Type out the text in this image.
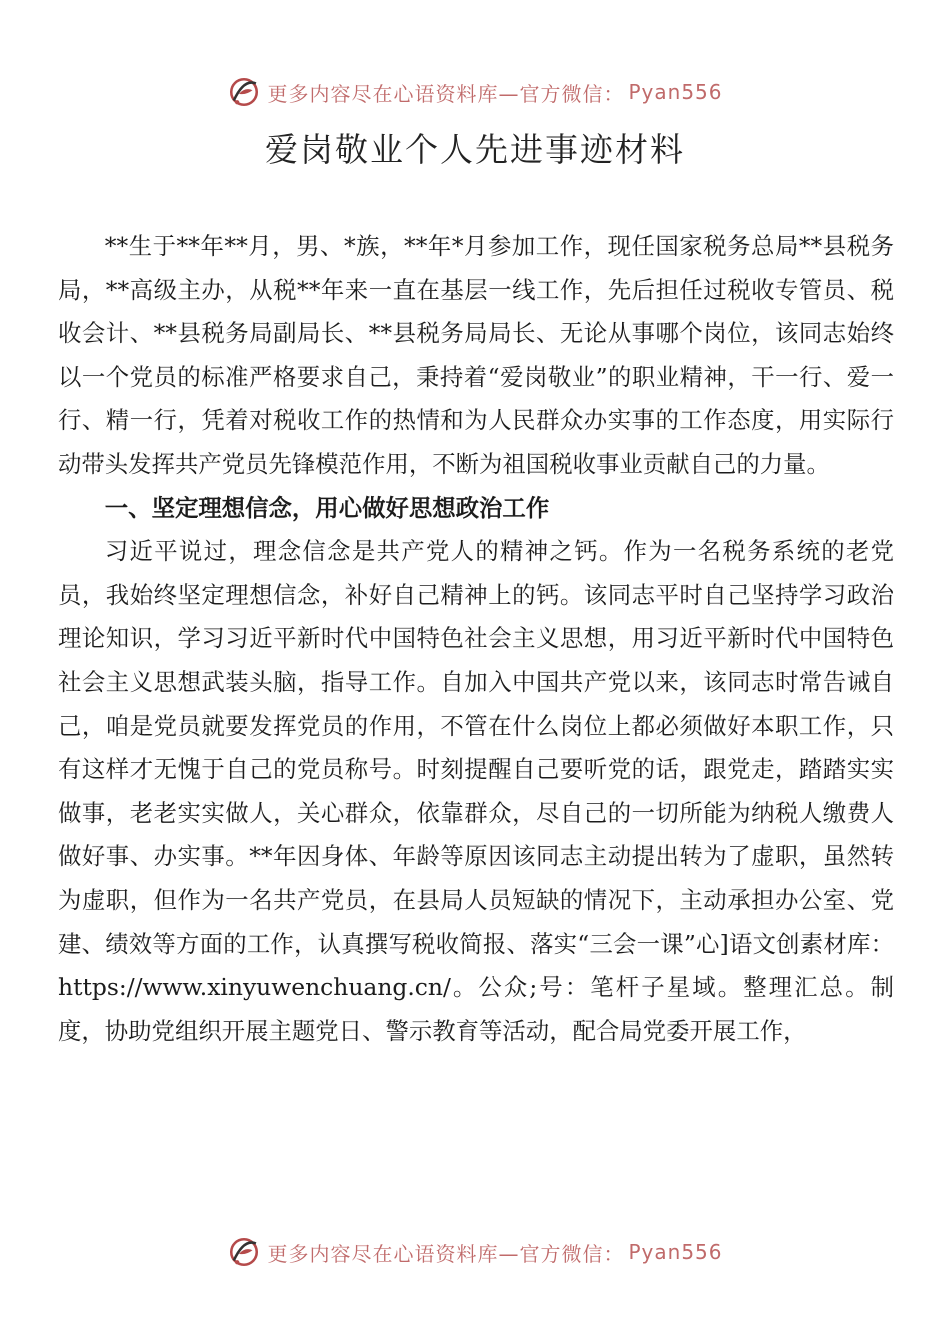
更多内容尽在心语资料库—官方微信： Pyan556
爱岗敬业个人先进事迹材料

**生于**年**月，男、*族，**年*月参加工作，现任国家税务总局**县税务局，**高级主办，从税**年来一直在基层一线工作，先后担任过税收专管员、税收会计、**县税务局副局长、**县税务局局长、无论从事哪个岗位，该同志始终以一个党员的标准严格要求自己，秉持着“爱岗敬业”的职业精神，干一行、爱一行、精一行，凭着对税收工作的热情和为人民群众办实事的工作态度，用实际行动带头发挥共产党员先锋模范作用，不断为祖国税收事业贡献自己的力量。

一、坚定理想信念，用心做好思想政治工作

习近平说过，理念信念是共产党人的精神之钙。作为一名税务系统的老党员，我始终坚定理想信念，补好自己精神上的钙。该同志平时自己坚持学习政治理论知识，学习习近平新时代中国特色社会主义思想，用习近平新时代中国特色社会主义思想武装头脑，指导工作。自加入中国共产党以来，该同志时常告诫自己，咱是党员就要发挥党员的作用，不管在什么岗位上都必须做好本职工作，只有这样才无愧于自己的党员称号。时刻提醒自己要听党的话，跟党走，踏踏实实做事，老老实实做人，关心群众，依靠群众，尽自己的一切所能为纳税人缴费人做好事、办实事。**年因身体、年龄等原因该同志主动提出转为了虚职，虽然转为虚职，但作为一名共产党员，在县局人员短缺的情况下，主动承担办公室、党建、绩效等方面的工作，认真撰写税收简报、落实“三会一课”心]语文创素材库：https://www.xinyuwenchuang.cn/。公众;号：笔杆子星域。整理汇总。制度，协助党组织开展主题党日、警示教育等活动，配合局党委开展工作，

更多内容尽在心语资料库—官方微信： Pyan556
